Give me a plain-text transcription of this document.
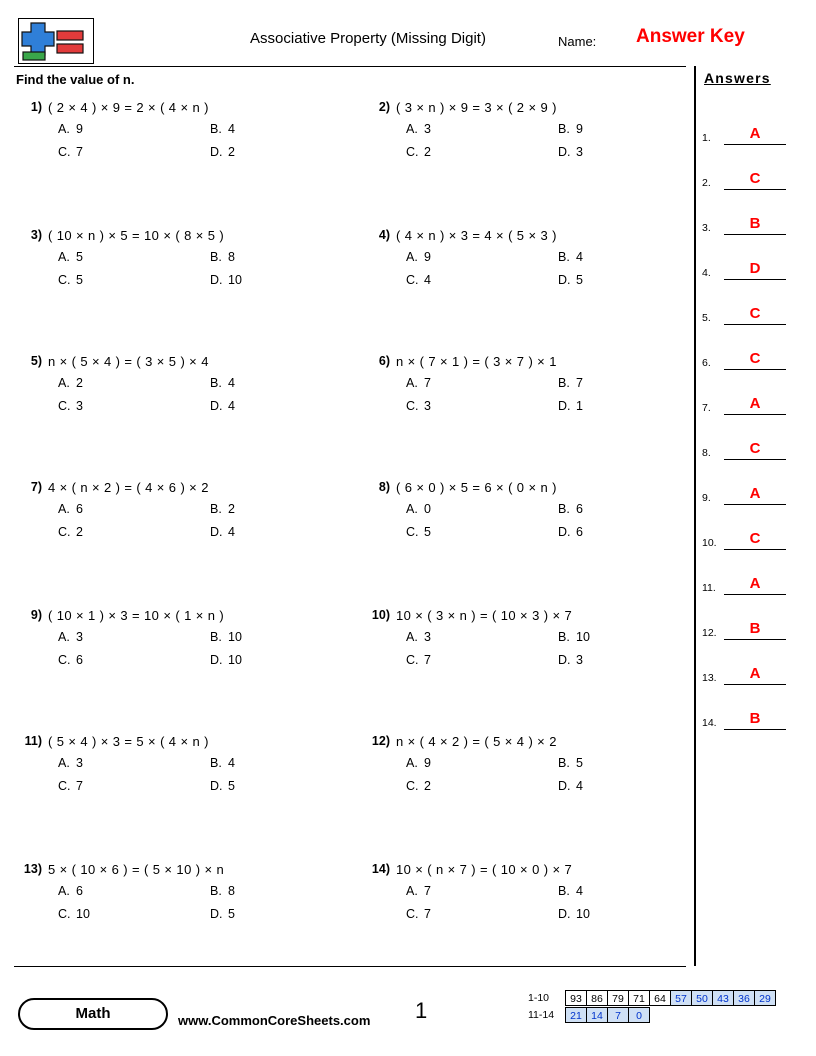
Associative Property (Missing Digit)	Name: Answer Key
Find the value of n.
1) ( 2 × 4 ) × 9 = 2 × ( 4 × n )
A. 9	B. 4
C. 7	D. 2
2) ( 3 × n ) × 9 = 3 × ( 2 × 9 )
A. 3	B. 9
C. 2	D. 3
3) ( 10 × n ) × 5 = 10 × ( 8 × 5 )
A. 5	B. 8
C. 5	D. 10
4) ( 4 × n ) × 3 = 4 × ( 5 × 3 )
A. 9	B. 4
C. 4	D. 5
5) n × ( 5 × 4 ) = ( 3 × 5 ) × 4
A. 2	B. 4
C. 3	D. 4
6) n × ( 7 × 1 ) = ( 3 × 7 ) × 1
A. 7	B. 7
C. 3	D. 1
7) 4 × ( n × 2 ) = ( 4 × 6 ) × 2
A. 6	B. 2
C. 2	D. 4
8) ( 6 × 0 ) × 5 = 6 × ( 0 × n )
A. 0	B. 6
C. 5	D. 6
9) ( 10 × 1 ) × 3 = 10 × ( 1 × n )
A. 3	B. 10
C. 6	D. 10
10) 10 × ( 3 × n ) = ( 10 × 3 ) × 7
A. 3	B. 10
C. 7	D. 3
11) ( 5 × 4 ) × 3 = 5 × ( 4 × n )
A. 3	B. 4
C. 7	D. 5
12) n × ( 4 × 2 ) = ( 5 × 4 ) × 2
A. 9	B. 5
C. 2	D. 4
13) 5 × ( 10 × 6 ) = ( 5 × 10 ) × n
A. 6	B. 8
C. 10	D. 5
14) 10 × ( n × 7 ) = ( 10 × 0 ) × 7
A. 7	B. 4
C. 7	D. 10
Answers
1.	A
2.	C
3.	B
4.	D
5.	C
6.	C
7.	A
8.	C
9.	A
10.	C
11.	A
12.	B
13.	A
14.	B
Math	www.CommonCoreSheets.com 1	1-10 93 86 79 71 64 57 50 43 36 29
11-14 21 14 7 0
